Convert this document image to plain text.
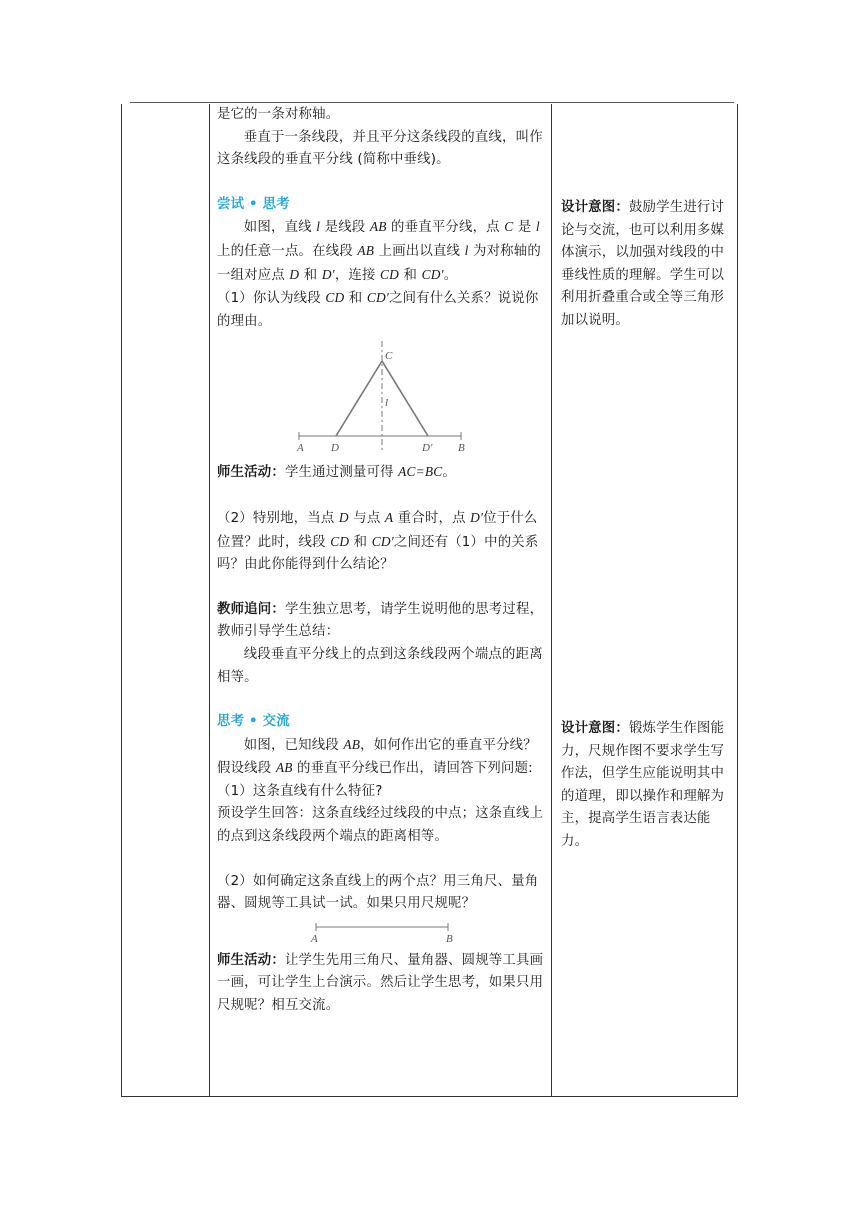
是它的一条对称轴。

垂直于一条线段，并且平分这条线段的直线，叫作这条线段的垂直平分线 (简称中垂线)。

尝试 • 思考

如图，直线 l 是线段 AB 的垂直平分线，点 C 是 l 上的任意一点。在线段 AB 上画出以直线 l 为对称轴的一组对应点 D 和 D′，连接 CD 和 CD′。

（1）你认为线段 CD 和 CD′之间有什么关系？说说你的理由。

C
l
A D	D′ B

师生活动：学生通过测量可得 AC=BC。

（2）特别地，当点 D 与点 A 重合时，点 D′位于什么位置？此时，线段 CD 和 CD′之间还有（1）中的关系吗？由此你能得到什么结论？

教师追问：学生独立思考，请学生说明他的思考过程，教师引导学生总结：

线段垂直平分线上的点到这条线段两个端点的距离相等。

思考 • 交流

如图，已知线段 AB，如何作出它的垂直平分线？假设线段 AB 的垂直平分线已作出，请回答下列问题:

（1）这条直线有什么特征?

预设学生回答：这条直线经过线段的中点；这条直线上的点到这条线段两个端点的距离相等。

（2）如何确定这条直线上的两个点？用三角尺、量角器、圆规等工具试一试。如果只用尺规呢？

A	B

师生活动：让学生先用三角尺、量角器、圆规等工具画一画，可让学生上台演示。然后让学生思考，如果只用尺规呢？相互交流。

设计意图：鼓励学生进行讨论与交流，也可以利用多媒体演示，以加强对线段的中垂线性质的理解。学生可以利用折叠重合或全等三角形加以说明。

设计意图：锻炼学生作图能力，尺规作图不要求学生写作法，但学生应能说明其中的道理，即以操作和理解为主，提高学生语言表达能力。
